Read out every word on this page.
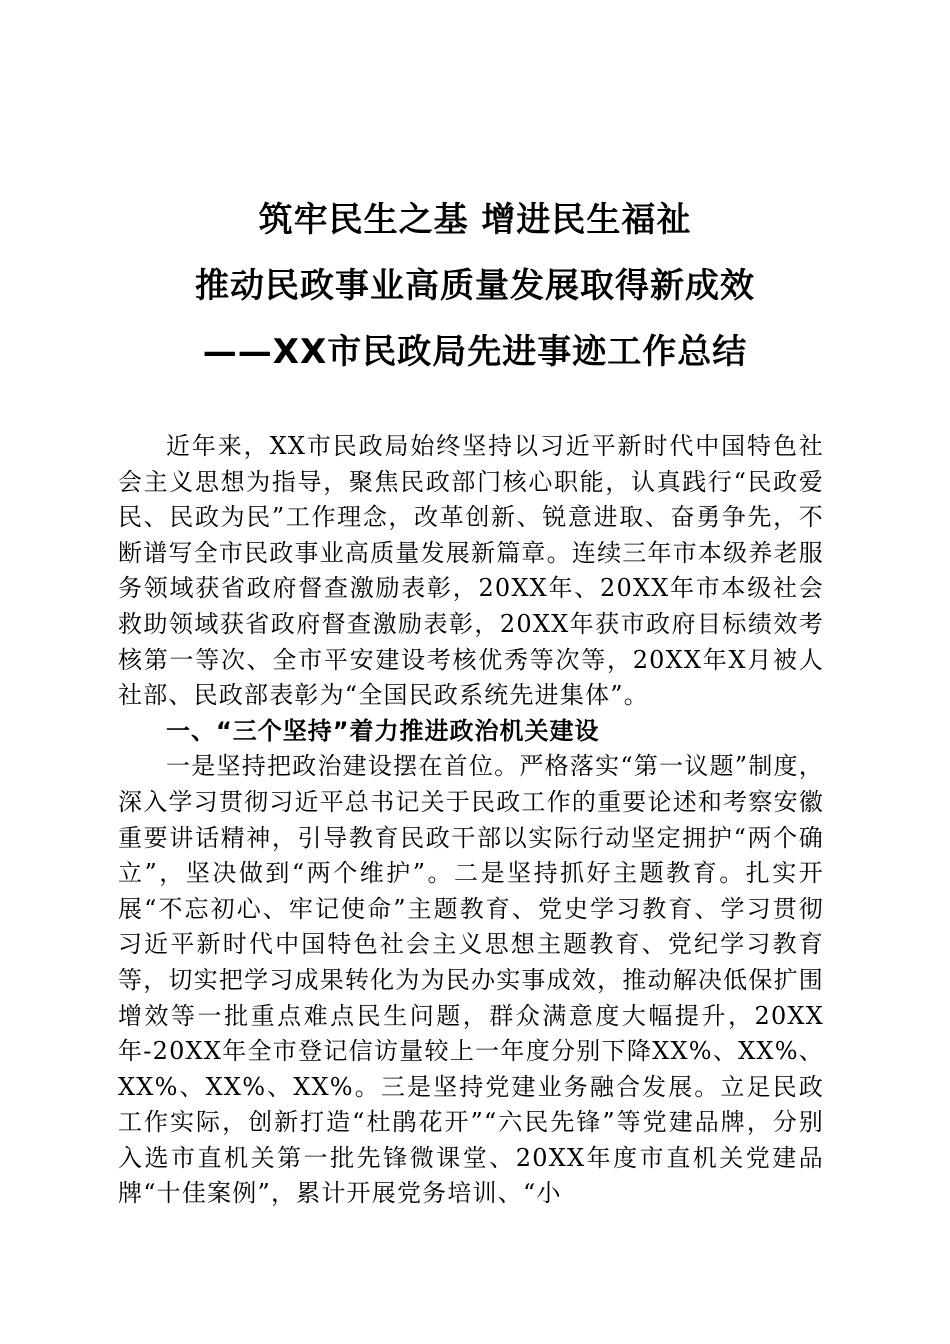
筑牢民生之基 增进民生福祉
推动民政事业高质量发展取得新成效
——XX市民政局先进事迹工作总结

近年来，XX市民政局始终坚持以习近平新时代中国特色社会主义思想为指导，聚焦民政部门核心职能，认真践行“民政爱民、民政为民”工作理念，改革创新、锐意进取、奋勇争先，不断谱写全市民政事业高质量发展新篇章。连续三年市本级养老服务领域获省政府督查激励表彰，20XX年、20XX年市本级社会救助领域获省政府督查激励表彰，20XX年获市政府目标绩效考核第一等次、全市平安建设考核优秀等次等，20XX年X月被人社部、民政部表彰为“全国民政系统先进集体”。

一、“三个坚持”着力推进政治机关建设

一是坚持把政治建设摆在首位。严格落实“第一议题”制度，深入学习贯彻习近平总书记关于民政工作的重要论述和考察安徽重要讲话精神，引导教育民政干部以实际行动坚定拥护“两个确立”，坚决做到“两个维护”。二是坚持抓好主题教育。扎实开展“不忘初心、牢记使命”主题教育、党史学习教育、学习贯彻习近平新时代中国特色社会主义思想主题教育、党纪学习教育等，切实把学习成果转化为为民办实事成效，推动解决低保扩围增效等一批重点难点民生问题，群众满意度大幅提升，20XX年-20XX年全市登记信访量较上一年度分别下降XX%、XX%、XX%、XX%、XX%。三是坚持党建业务融合发展。立足民政工作实际，创新打造“杜鹃花开”“六民先锋”等党建品牌，分别入选市直机关第一批先锋微课堂、20XX年度市直机关党建品牌“十佳案例”，累计开展党务培训、“小
